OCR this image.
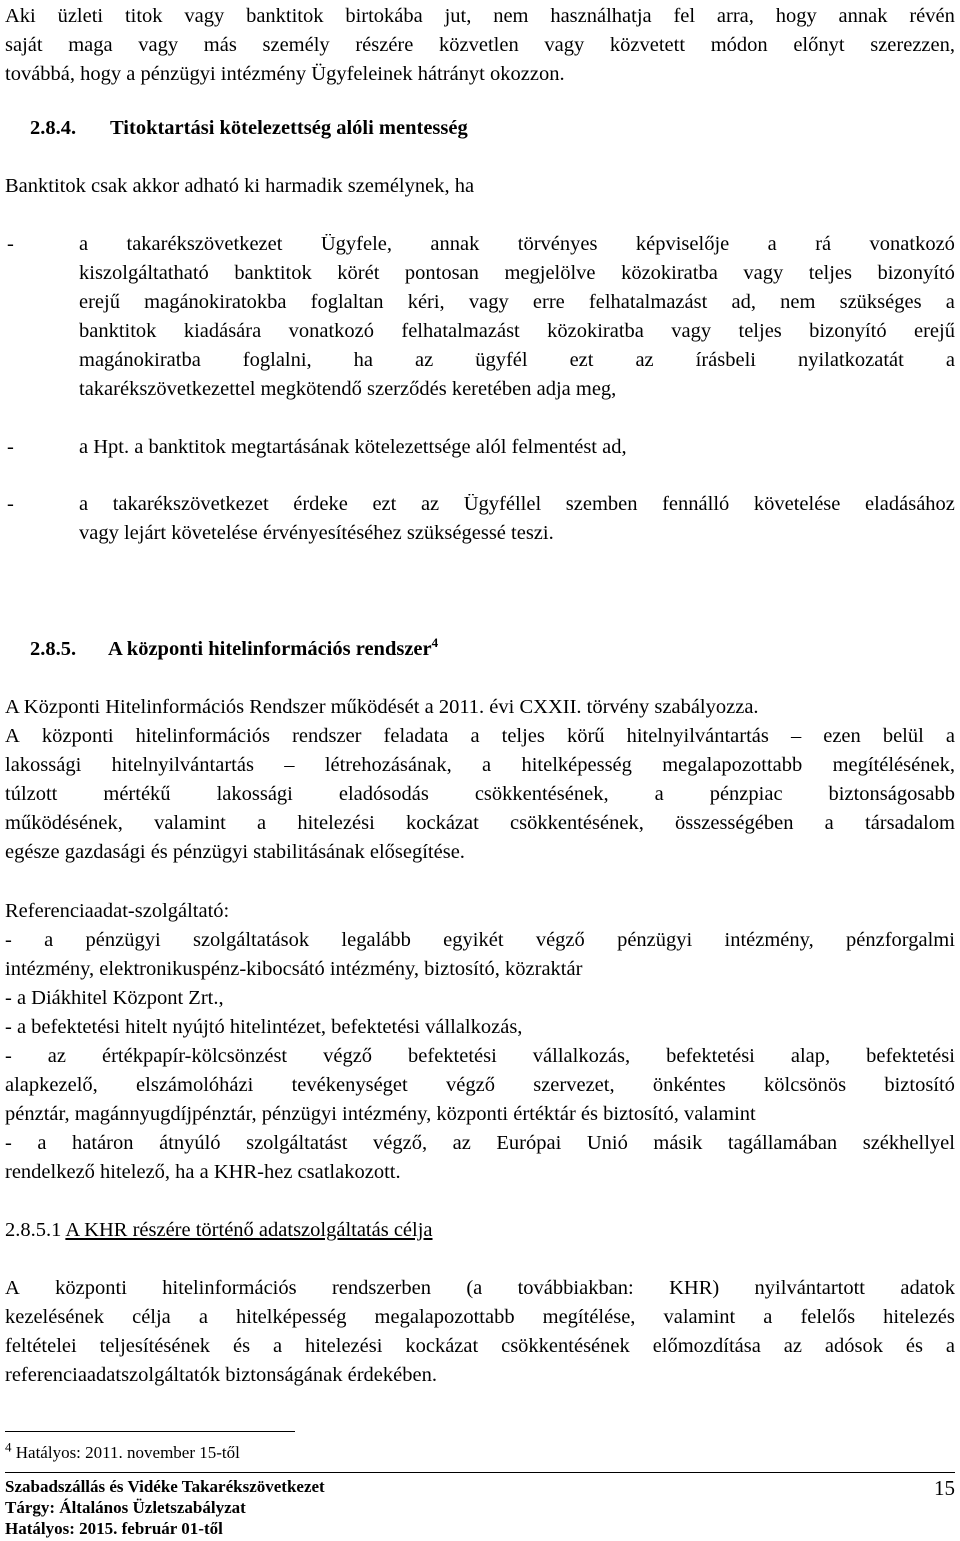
Aki üzleti titok vagy banktitok birtokába jut, nem használhatja fel arra, hogy annak révén
saját maga vagy más személy részére közvetlen vagy közvetett módon előnyt szerezzen,
továbbá, hogy a pénzügyi intézmény Ügyfeleinek hátrányt okozzon.
2.8.4. Titoktartási kötelezettség alóli mentesség
Banktitok csak akkor adható ki harmadik személynek, ha
-	a takarékszövetkezet Ügyfele, annak törvényes képviselője a rá vonatkozó
kiszolgáltatható banktitok körét pontosan megjelölve közokiratba vagy teljes bizonyító
erejű magánokiratokba foglaltan kéri, vagy erre felhatalmazást ad, nem szükséges a
banktitok kiadására vonatkozó felhatalmazást közokiratba vagy teljes bizonyító erejű
magánokiratba foglalni, ha az ügyfél ezt az írásbeli nyilatkozatát a
takarékszövetkezettel megkötendő szerződés keretében adja meg,
-	a Hpt. a banktitok megtartásának kötelezettsége alól felmentést ad,
-	a takarékszövetkezet érdeke ezt az Ügyféllel szemben fennálló követelése eladásához
vagy lejárt követelése érvényesítéséhez szükségessé teszi.
2.8.5. A központi hitelinformációs rendszer$^4$
A Központi Hitelinformációs Rendszer működését a 2011. évi CXXII. törvény szabályozza.
A központi hitelinformációs rendszer feladata a teljes körű hitelnyilvántartás – ezen belül a
lakossági hitelnyilvántartás – létrehozásának, a hitelképesség megalapozottabb megítélésének,
túlzott mértékű lakossági eladósodás csökkentésének, a pénzpiac biztonságosabb
működésének, valamint a hitelezési kockázat csökkentésének, összességében a társadalom
egésze gazdasági és pénzügyi stabilitásának elősegítése.
Referenciaadat-szolgáltató:
- a pénzügyi szolgáltatások legalább egyikét végző pénzügyi intézmény, pénzforgalmi
intézmény, elektronikuspénz-kibocsátó intézmény, biztosító, közraktár
- a Diákhitel Központ Zrt.,
- a befektetési hitelt nyújtó hitelintézet, befektetési vállalkozás,
- az értékpapír-kölcsönzést végző befektetési vállalkozás, befektetési alap, befektetési
alapkezelő, elszámolóházi tevékenységet végző szervezet, önkéntes kölcsönös biztosító
pénztár, magánnyugdíjpénztár, pénzügyi intézmény, központi értéktár és biztosító, valamint
- a határon átnyúló szolgáltatást végző, az Európai Unió másik tagállamában székhellyel
rendelkező hitelező, ha a KHR-hez csatlakozott.
2.8.5.1 A KHR részére történő adatszolgáltatás célja
A központi hitelinformációs rendszerben (a továbbiakban: KHR) nyilvántartott adatok
kezelésének célja a hitelképesség megalapozottabb megítélése, valamint a felelős hitelezés
feltételei teljesítésének és a hitelezési kockázat csökkentésének előmozdítása az adósok és a
referenciaadatszolgáltatók biztonságának érdekében.
$^4$ Hatályos: 2011. november 15-től
Szabadszállás és Vidéke Takarékszövetkezet
Tárgy: Általános Üzletszabályzat
Hatályos: 2015. február 01-től
15
